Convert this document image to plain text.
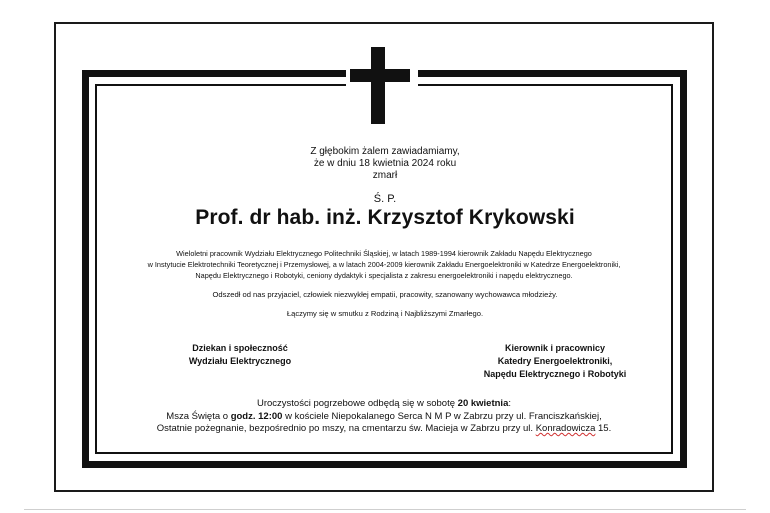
Z głębokim żalem zawiadamiamy,
że w dniu 18 kwietnia 2024 roku
zmarł
Ś. P.
Prof. dr hab. inż. Krzysztof Krykowski
Wieloletni pracownik Wydziału Elektrycznego Politechniki Śląskiej, w latach 1989-1994 kierownik Zakładu Napędu Elektrycznego
w Instytucie Elektrotechniki Teoretycznej i Przemysłowej, a w latach 2004-2009 kierownik Zakładu Energoelektroniki w Katedrze Energoelektroniki,
Napędu Elektrycznego i Robotyki, ceniony dydaktyk i specjalista z zakresu energoelektroniki i napędu elektrycznego.
Odszedł od nas przyjaciel, człowiek niezwykłej empatii, pracowity, szanowany wychowawca młodzieży.
Łączymy się w smutku z Rodziną i Najbliższymi Zmarłego.
Dziekan i społeczność
Wydziału Elektrycznego
Kierownik i pracownicy
Katedry Energoelektroniki,
Napędu Elektrycznego i Robotyki
Uroczystości pogrzebowe odbędą się w sobotę 20 kwietnia:
Msza Święta o godz. 12:00 w kościele Niepokalanego Serca N M P w Zabrzu przy ul. Franciszkańskiej,
Ostatnie pożegnanie, bezpośrednio po mszy, na cmentarzu św. Macieja w Zabrzu przy ul. Konradowicza 15.
